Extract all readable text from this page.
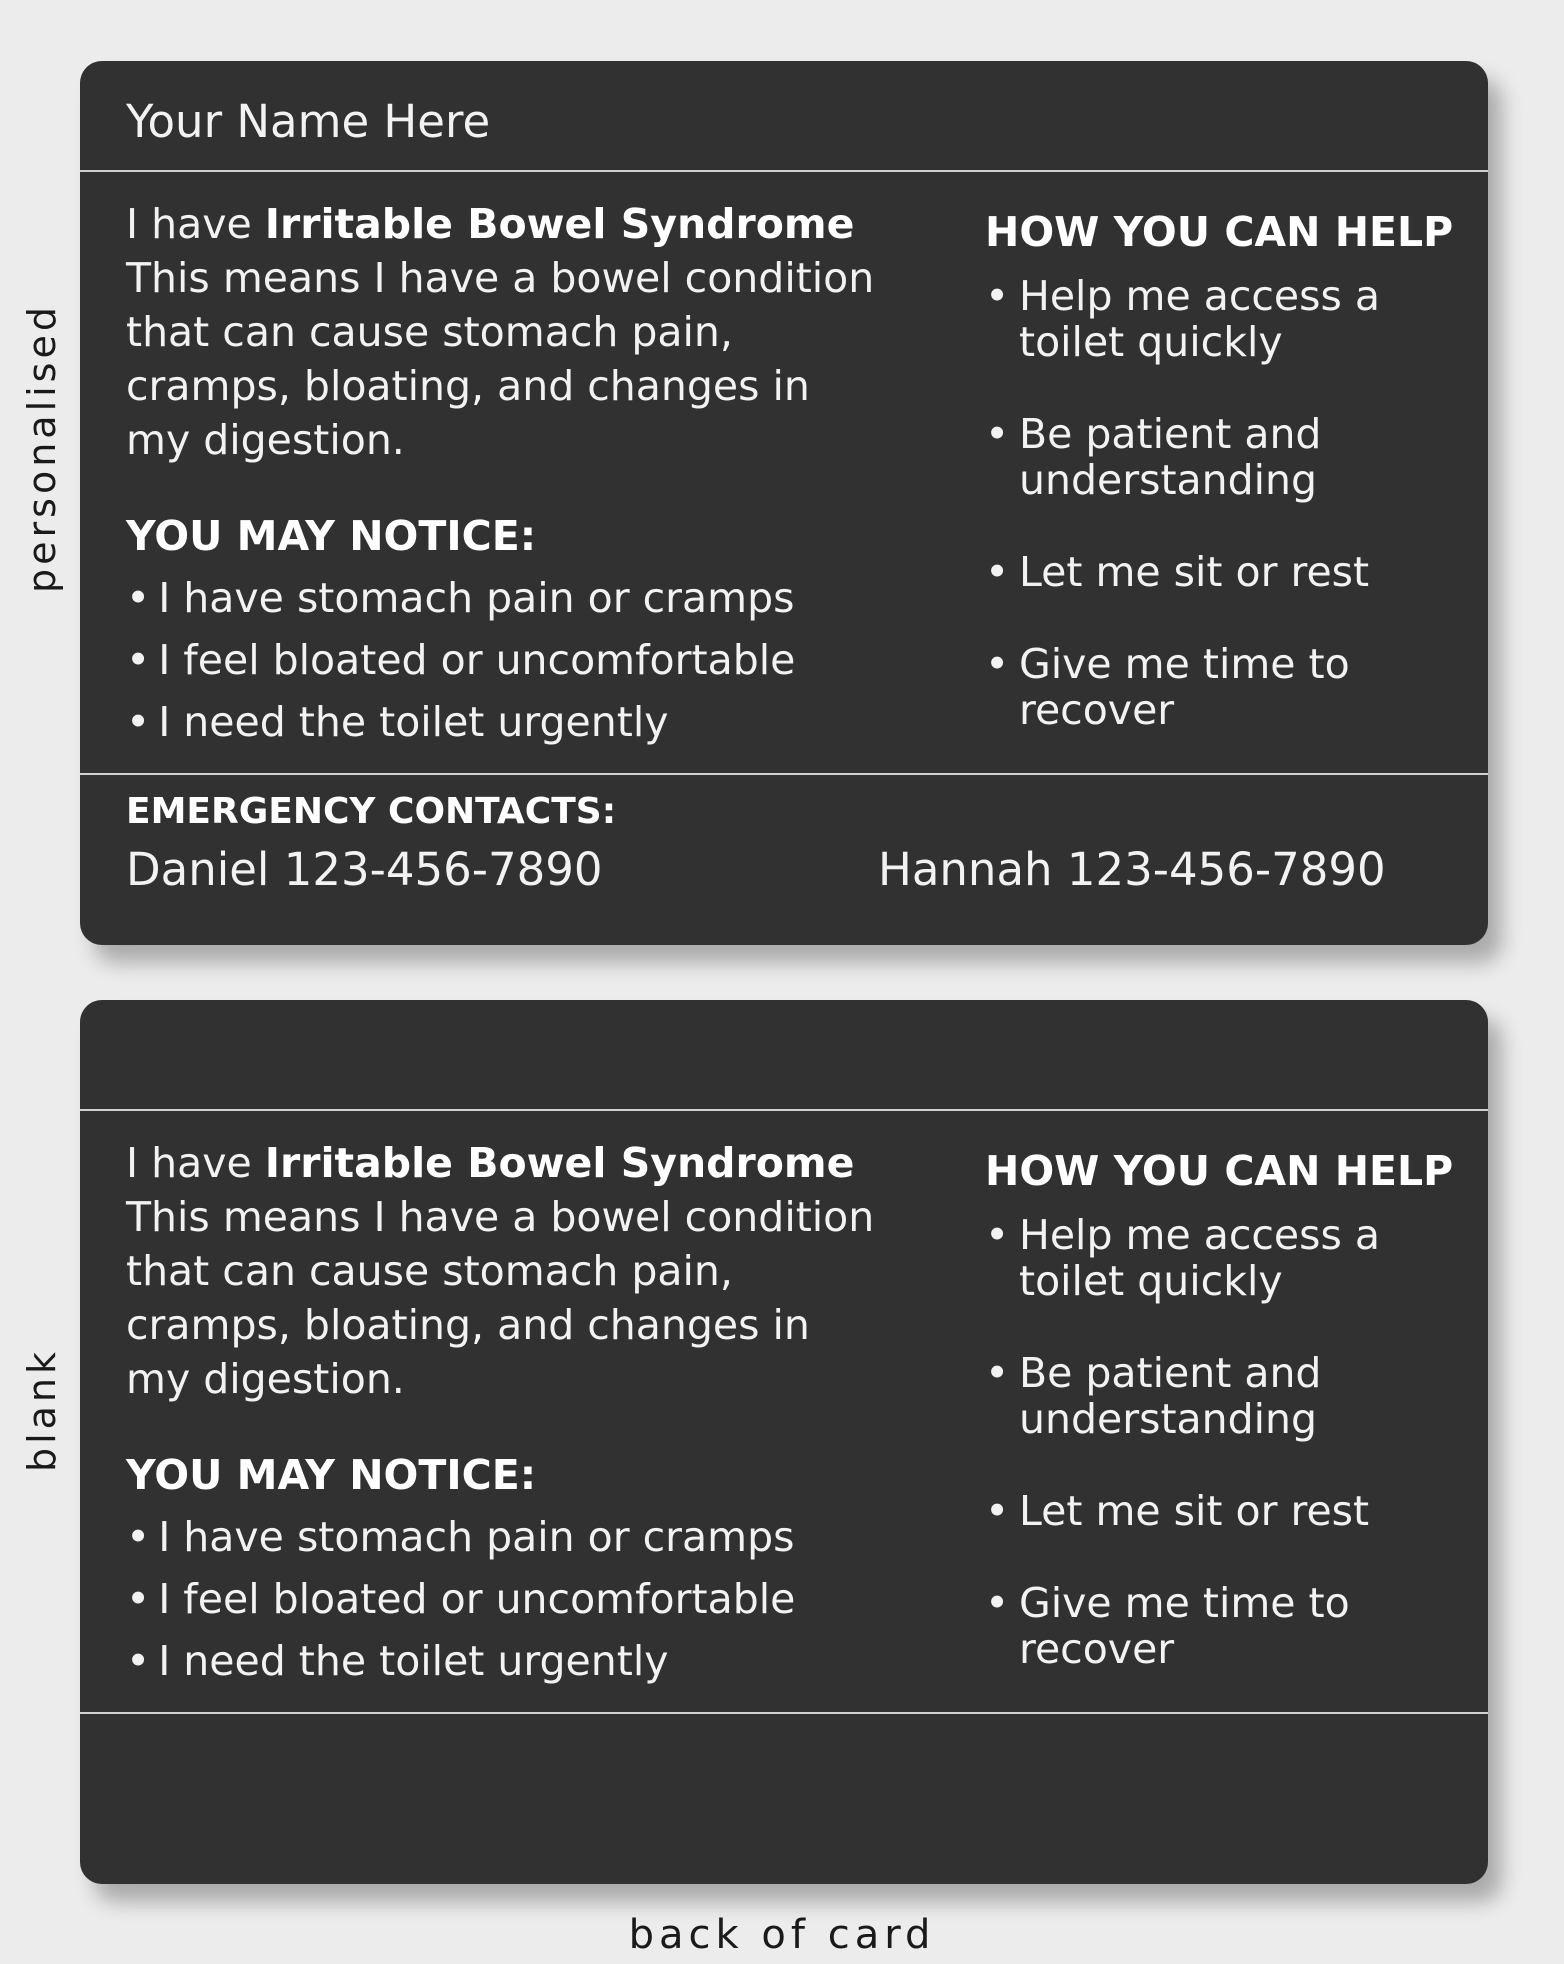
personalised
blank
Your Name Here

I have Irritable Bowel Syndrome
This means I have a bowel condition that can cause stomach pain, cramps, bloating, and changes in my digestion.

YOU MAY NOTICE:
• I have stomach pain or cramps
• I feel bloated or uncomfortable
• I need the toilet urgently
HOW YOU CAN HELP
• Help me access a toilet quickly
• Be patient and understanding
• Let me sit or rest
• Give me time to recover
EMERGENCY CONTACTS:
Daniel 123-456-7890	Hannah 123-456-7890

I have Irritable Bowel Syndrome
This means I have a bowel condition that can cause stomach pain, cramps, bloating, and changes in my digestion.

YOU MAY NOTICE:
• I have stomach pain or cramps
• I feel bloated or uncomfortable
• I need the toilet urgently
HOW YOU CAN HELP
• Help me access a toilet quickly
• Be patient and understanding
• Let me sit or rest
• Give me time to recover
back of card
